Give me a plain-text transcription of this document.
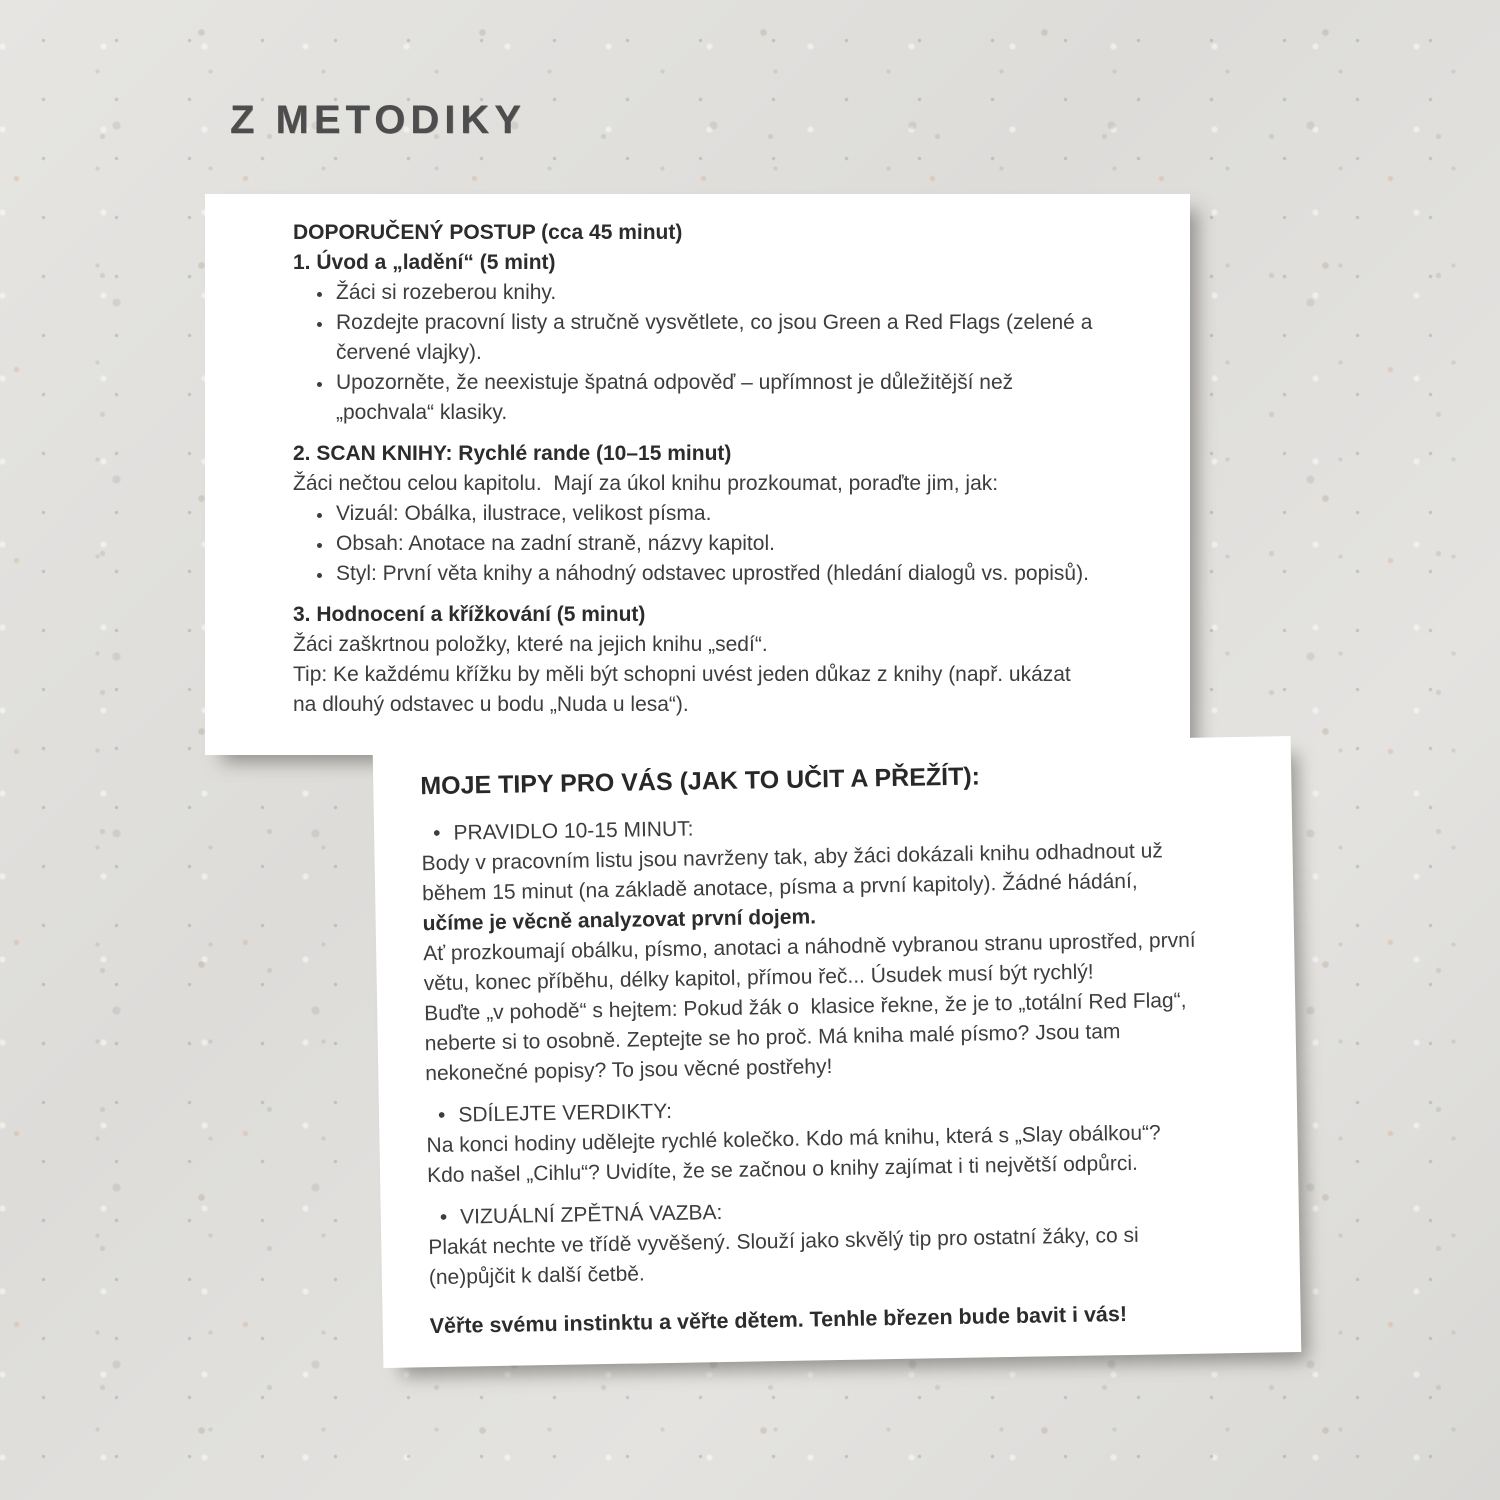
Z METODIKY

DOPORUČENÝ POSTUP (cca 45 minut)

1. Úvod a „ladění“ (5 mint)

• Žáci si rozeberou knihy.
• Rozdejte pracovní listy a stručně vysvětlete, co jsou Green a Red Flags (zelené a červené vlajky).
• Upozorněte, že neexistuje špatná odpověď – upřímnost je důležitější než „pochvala“ klasiky.

2. SCAN KNIHY: Rychlé rande (10–15 minut)

Žáci nečtou celou kapitolu.  Mají za úkol knihu prozkoumat, poraďte jim, jak:

• Vizuál: Obálka, ilustrace, velikost písma.
• Obsah: Anotace na zadní straně, názvy kapitol.
• Styl: První věta knihy a náhodný odstavec uprostřed (hledání dialogů vs. popisů).

3. Hodnocení a křížkování (5 minut)

Žáci zaškrtnou položky, které na jejich knihu „sedí“.

Tip: Ke každému křížku by měli být schopni uvést jeden důkaz z knihy (např. ukázat na dlouhý odstavec u bodu „Nuda u lesa“).

MOJE TIPY PRO VÁS (JAK TO UČIT A PŘEŽÍT):

• PRAVIDLO 10-15 MINUT:

Body v pracovním listu jsou navrženy tak, aby žáci dokázali knihu odhadnout už během 15 minut (na základě anotace, písma a první kapitoly). Žádné hádání, učíme je věcně analyzovat první dojem.

Ať prozkoumají obálku, písmo, anotaci a náhodně vybranou stranu uprostřed, první větu, konec příběhu, délky kapitol, přímou řeč... Úsudek musí být rychlý!

Buďte „v pohodě“ s hejtem: Pokud žák o  klasice řekne, že je to „totální Red Flag“, neberte si to osobně. Zeptejte se ho proč. Má kniha malé písmo? Jsou tam nekonečné popisy? To jsou věcné postřehy!

• SDÍLEJTE VERDIKTY:

Na konci hodiny udělejte rychlé kolečko. Kdo má knihu, která s „Slay obálkou“? Kdo našel „Cihlu“? Uvidíte, že se začnou o knihy zajímat i ti největší odpůrci.

• VIZUÁLNÍ ZPĚTNÁ VAZBA:

Plakát nechte ve třídě vyvěšený. Slouží jako skvělý tip pro ostatní žáky, co si (ne)půjčit k další četbě.

Věřte svému instinktu a věřte dětem. Tenhle březen bude bavit i vás!
